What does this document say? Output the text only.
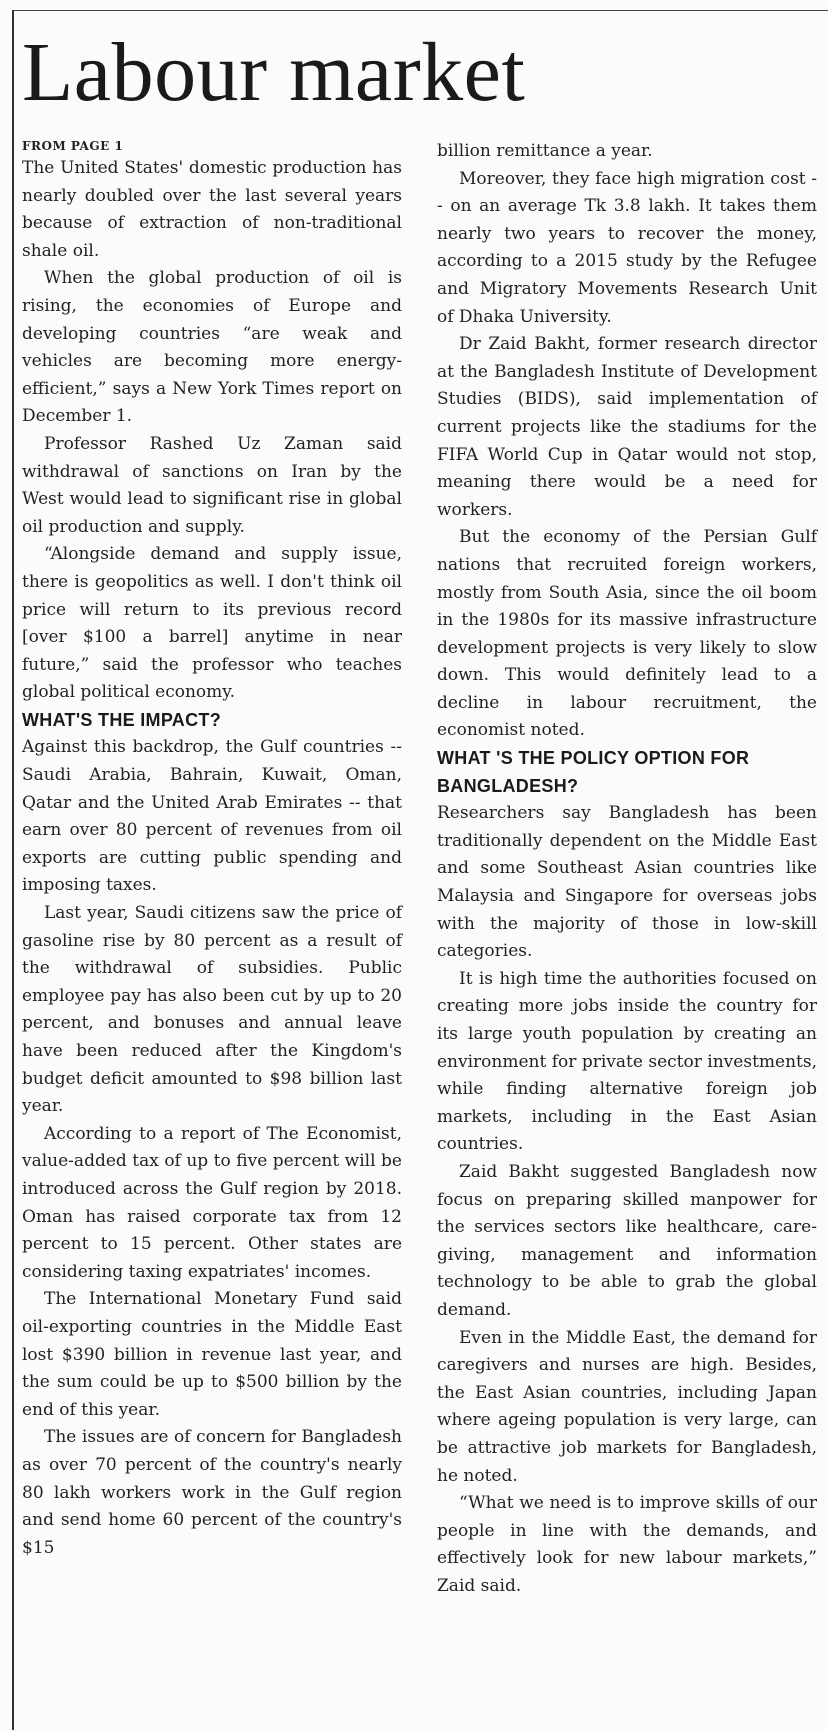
Labour market

FROM PAGE 1

The United States' domestic production has nearly doubled over the last several years because of extraction of non-traditional shale oil.

When the global production of oil is rising, the economies of Europe and developing countries “are weak and vehicles are becoming more energy-efficient,” says a New York Times report on December 1.

Professor Rashed Uz Zaman said withdrawal of sanctions on Iran by the West would lead to significant rise in global oil production and supply.

“Alongside demand and supply issue, there is geopolitics as well. I don't think oil price will return to its previous record [over $100 a barrel] anytime in near future,” said the professor who teaches global political economy.

WHAT'S THE IMPACT?

Against this backdrop, the Gulf countries -- Saudi Arabia, Bahrain, Kuwait, Oman, Qatar and the United Arab Emirates -- that earn over 80 percent of revenues from oil exports are cutting public spending and imposing taxes.

Last year, Saudi citizens saw the price of gasoline rise by 80 percent as a result of the withdrawal of subsidies. Public employee pay has also been cut by up to 20 percent, and bonuses and annual leave have been reduced after the Kingdom's budget deficit amounted to $98 billion last year.

According to a report of The Economist, value-added tax of up to five percent will be introduced across the Gulf region by 2018. Oman has raised corporate tax from 12 percent to 15 percent. Other states are considering taxing expatriates' incomes.

The International Monetary Fund said oil-exporting countries in the Middle East lost $390 billion in revenue last year, and the sum could be up to $500 billion by the end of this year.

The issues are of concern for Bangladesh as over 70 percent of the country's nearly 80 lakh workers work in the Gulf region and send home 60 percent of the country's $15

billion remittance a year.

Moreover, they face high migration cost -- on an average Tk 3.8 lakh. It takes them nearly two years to recover the money, according to a 2015 study by the Refugee and Migratory Movements Research Unit of Dhaka University.

Dr Zaid Bakht, former research director at the Bangladesh Institute of Development Studies (BIDS), said implementation of current projects like the stadiums for the FIFA World Cup in Qatar would not stop, meaning there would be a need for workers.

But the economy of the Persian Gulf nations that recruited foreign workers, mostly from South Asia, since the oil boom in the 1980s for its massive infrastructure development projects is very likely to slow down. This would definitely lead to a decline in labour recruitment, the economist noted.

WHAT 'S THE POLICY OPTION FOR BANGLADESH?

Researchers say Bangladesh has been traditionally dependent on the Middle East and some Southeast Asian countries like Malaysia and Singapore for overseas jobs with the majority of those in low-skill categories.

It is high time the authorities focused on creating more jobs inside the country for its large youth population by creating an environment for private sector investments, while finding alternative foreign job markets, including in the East Asian countries.

Zaid Bakht suggested Bangladesh now focus on preparing skilled manpower for the services sectors like healthcare, care-giving, management and information technology to be able to grab the global demand.

Even in the Middle East, the demand for caregivers and nurses are high. Besides, the East Asian countries, including Japan where ageing population is very large, can be attractive job markets for Bangladesh, he noted.

“What we need is to improve skills of our people in line with the demands, and effectively look for new labour markets,” Zaid said.
